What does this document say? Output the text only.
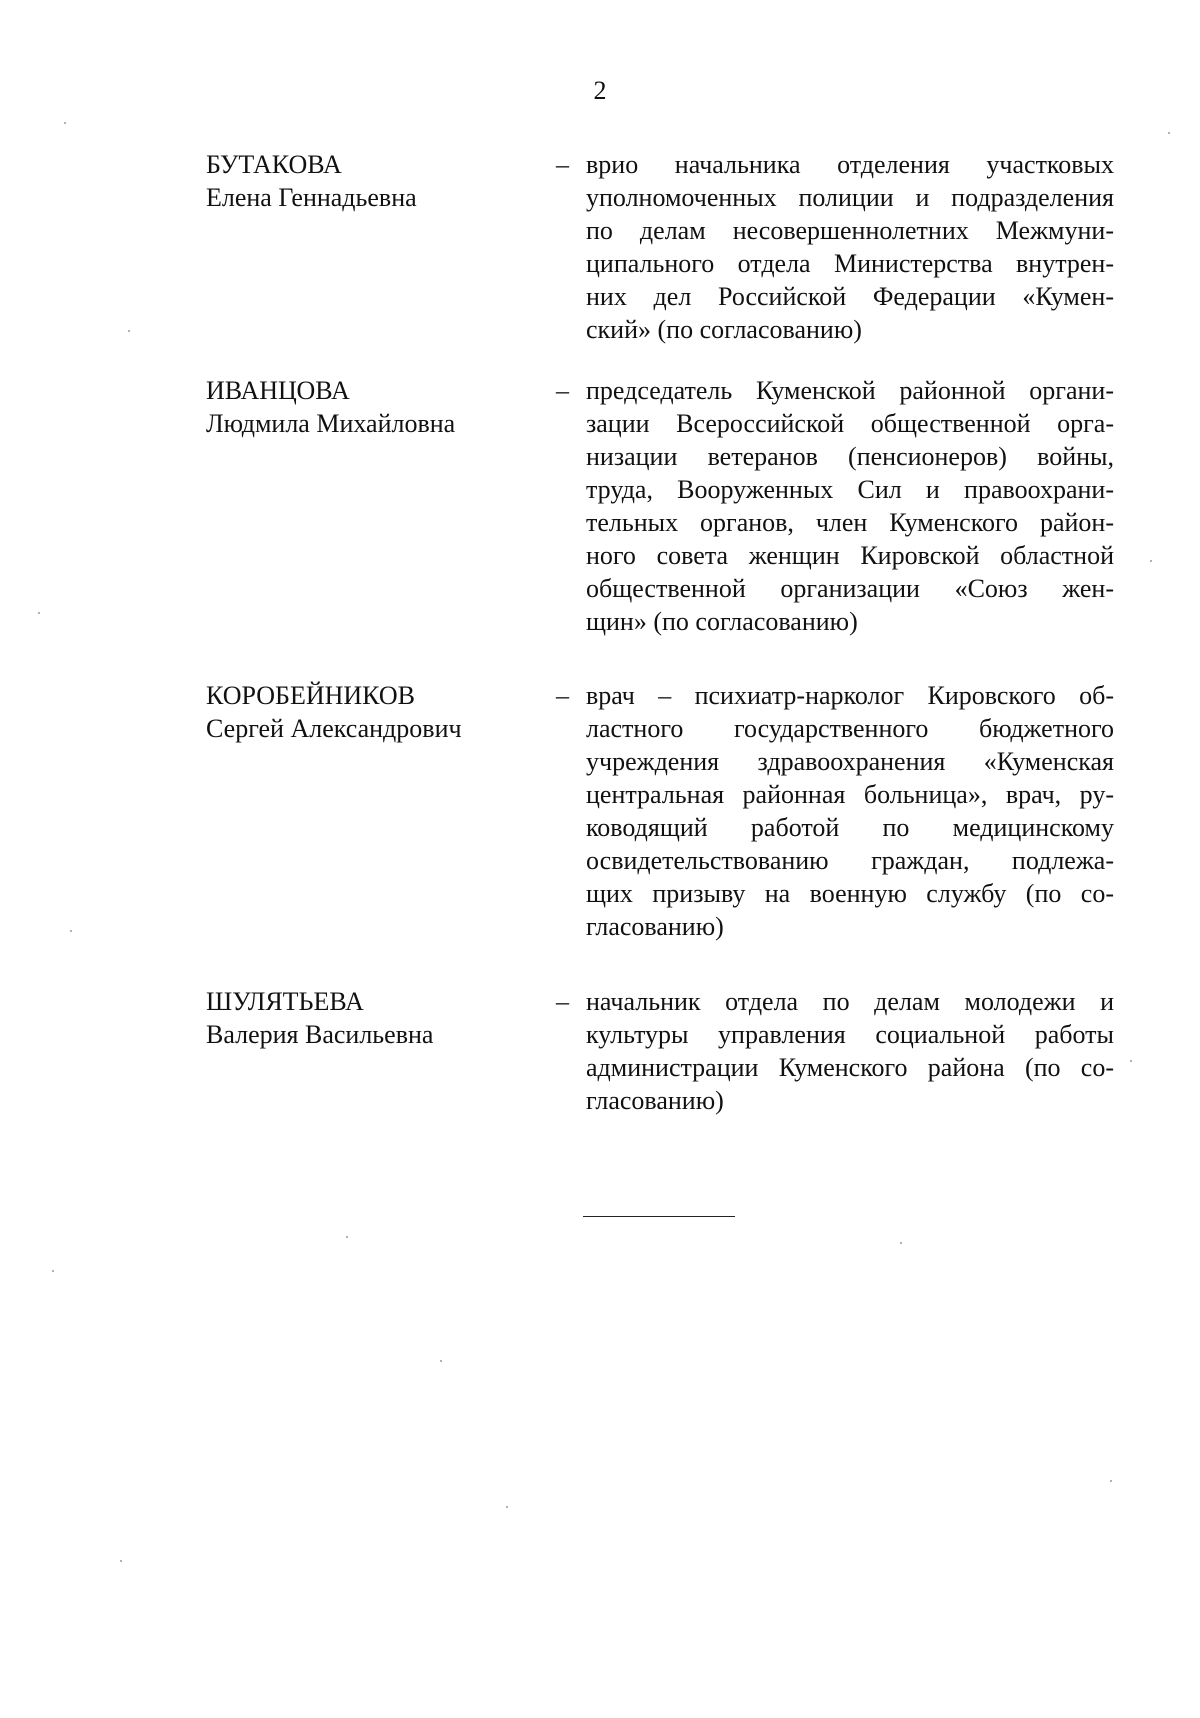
2
БУТАКОВА
Елена Геннадьевна
– врио начальника отделения участковых
уполномоченных полиции и подразделения
по делам несовершеннолетних Межмуни-
ципального отдела Министерства внутрен-
них дел Российской Федерации «Кумен-
ский» (по согласованию)
ИВАНЦОВА
Людмила Михайловна
– председатель Куменской районной органи-
зации Всероссийской общественной орга-
низации ветеранов (пенсионеров) войны,
труда, Вооруженных Сил и правоохрани-
тельных органов, член Куменского район-
ного совета женщин Кировской областной
общественной организации «Союз жен-
щин» (по согласованию)
КОРОБЕЙНИКОВ
Сергей Александрович
– врач – психиатр-нарколог Кировского об-
ластного государственного бюджетного
учреждения здравоохранения «Куменская
центральная районная больница», врач, ру-
ководящий работой по медицинскому
освидетельствованию граждан, подлежа-
щих призыву на военную службу (по со-
гласованию)
ШУЛЯТЬЕВА
Валерия Васильевна
– начальник отдела по делам молодежи и
культуры управления социальной работы
администрации Куменского района (по со-
гласованию)
